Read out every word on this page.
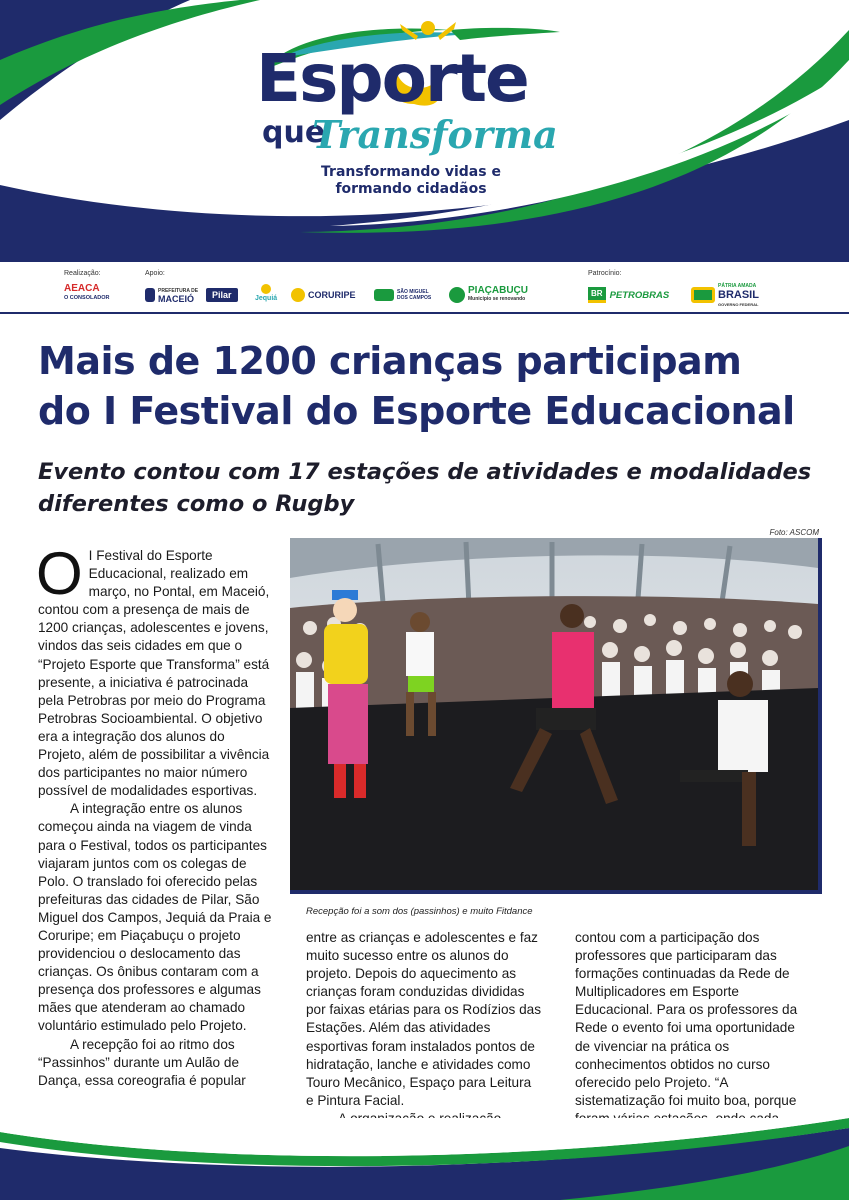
Esporte
que
Transforma
Transformando vidas e formando cidadãos
Realização:	Apoio:	Patrocínio:
AEACA
O CONSOLADOR
PREFEITURA DE
MACEIÓ	Pilar	Jequiá	CORURIPE	SÃO MIGUEL DOS CAMPOS
PIAÇABUÇU
Município se renovando
BR PETROBRAS
PÁTRIA AMADA
BRASIL
GOVERNO FEDERAL
Mais de 1200 crianças participam
do I Festival do Esporte Educacional
Evento contou com 17 estações de atividades e modalidades
diferentes como o Rugby
Foto: ASCOM

O I Festival do Esporte Educacional, realizado em março, no Pontal, em Maceió, contou com a presença de mais de 1200 crianças, adolescentes e jovens, vindos das seis cidades em que o “Projeto Esporte que Transforma” está presente, a iniciativa é patrocinada pela Petrobras por meio do Programa Petrobras Socioambiental. O objetivo era a integração dos alunos do Projeto, além de possibilitar a vivência dos participantes no maior número possível de modalidades esportivas.

A integração entre os alunos começou ainda na viagem de vinda para o Festival, todos os participantes viajaram juntos com os colegas de Polo. O translado foi oferecido pelas prefeituras das cidades de Pilar, São Miguel dos Campos, Jequiá da Praia e Coruripe; em Piaçabuçu o projeto providenciou o deslocamento das crianças. Os ônibus contaram com a presença dos professores e algumas mães que atenderam ao chamado voluntário estimulado pelo Projeto.

A recepção foi ao ritmo dos “Passinhos” durante um Aulão de Dança, essa coreografia é popular

Recepção foi a som dos (passinhos) e muito Fitdance

entre as crianças e adolescentes e faz muito sucesso entre os alunos do projeto. Depois do aquecimento as crianças foram conduzidas divididas por faixas etárias para os Rodízios das Estações. Além das atividades esportivas foram instalados pontos de hidratação, lanche e atividades como Touro Mecânico, Espaço para Leitura e Pintura Facial.

contou com a participação dos professores que participaram das formações continuadas da Rede de Multiplicadores em Esporte Educacional. Para os professores da Rede o evento foi uma oportunidade de vivenciar na prática os conhecimentos obtidos no curso oferecido pelo Projeto. “A sistematização foi muito boa, porque
